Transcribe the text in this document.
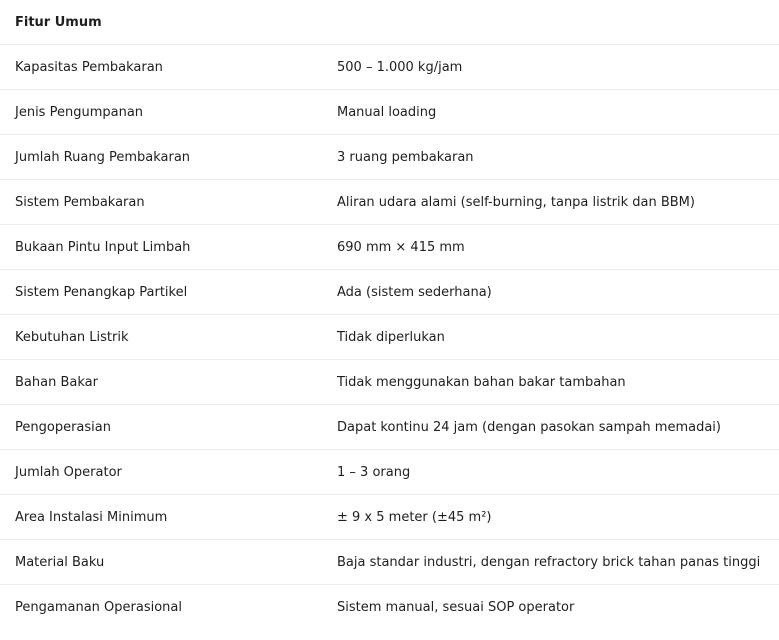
Fitur Umum	
Kapasitas Pembakaran	500 – 1.000 kg/jam
Jenis Pengumpanan	Manual loading
Jumlah Ruang Pembakaran	3 ruang pembakaran
Sistem Pembakaran	Aliran udara alami (self-burning, tanpa listrik dan BBM)
Bukaan Pintu Input Limbah	690 mm × 415 mm
Sistem Penangkap Partikel	Ada (sistem sederhana)
Kebutuhan Listrik	Tidak diperlukan
Bahan Bakar	Tidak menggunakan bahan bakar tambahan
Pengoperasian	Dapat kontinu 24 jam (dengan pasokan sampah memadai)
Jumlah Operator	1 – 3 orang
Area Instalasi Minimum	± 9 x 5 meter (±45 m²)
Material Baku	Baja standar industri, dengan refractory brick tahan panas tinggi
Pengamanan Operasional	Sistem manual, sesuai SOP operator
